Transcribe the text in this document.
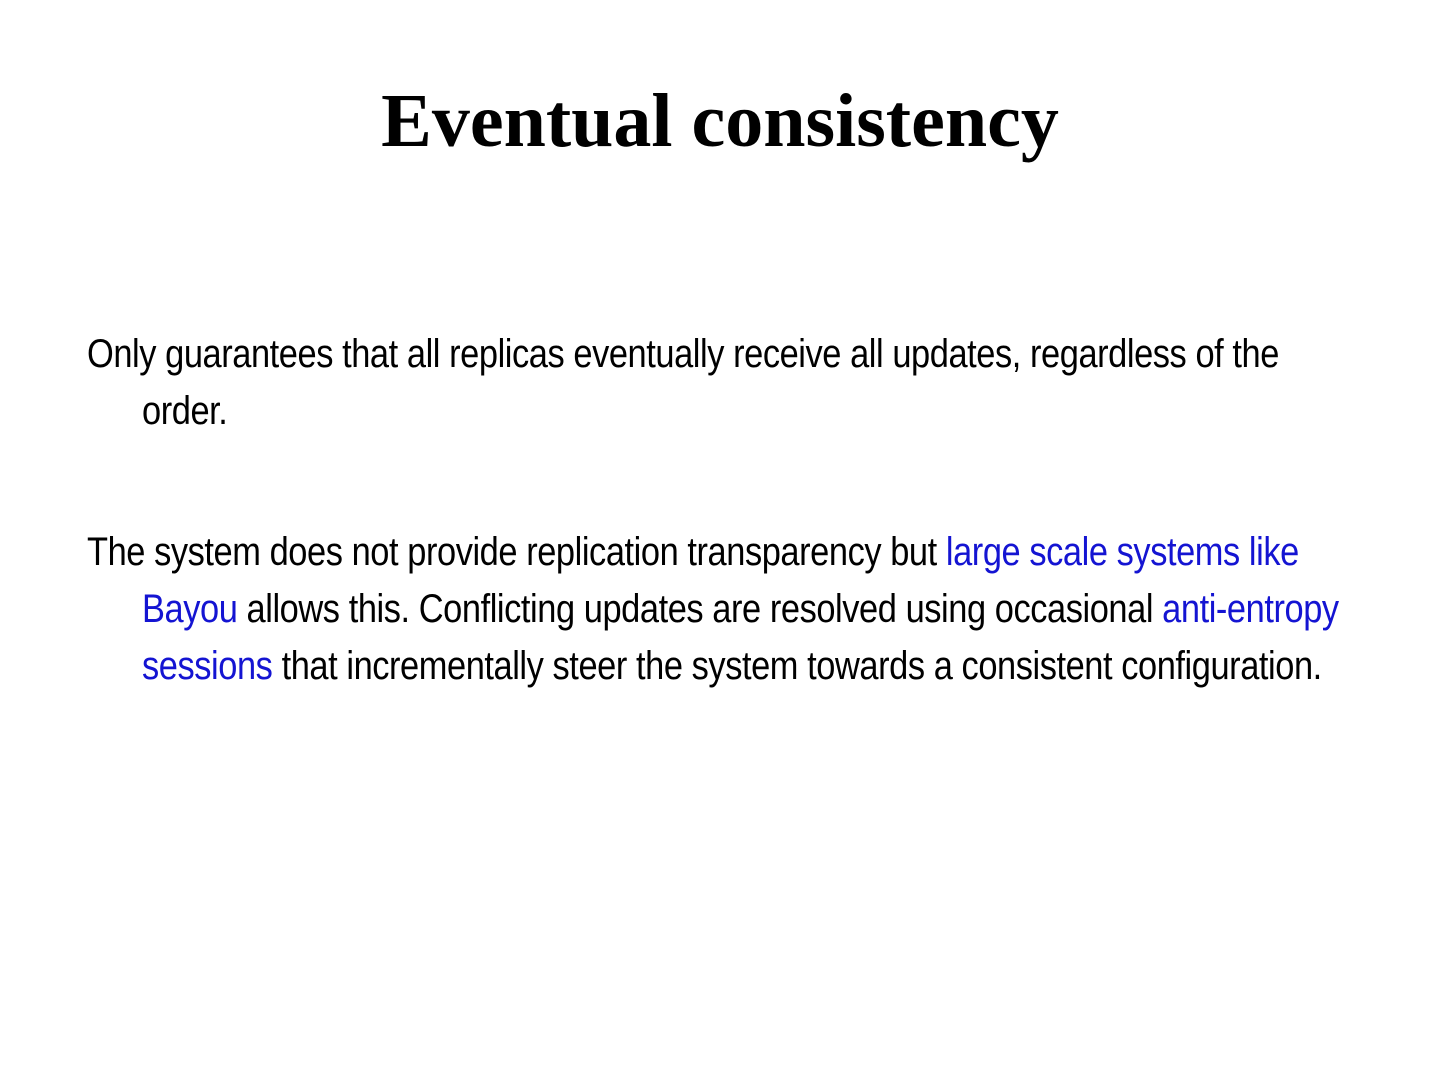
Eventual consistency

Only guarantees that all replicas eventually receive all updates, regardless of the order.

The system does not provide replication transparency but large scale systems like Bayou allows this. Conflicting updates are resolved using occasional anti-entropy sessions that incrementally steer the system towards a consistent configuration.
